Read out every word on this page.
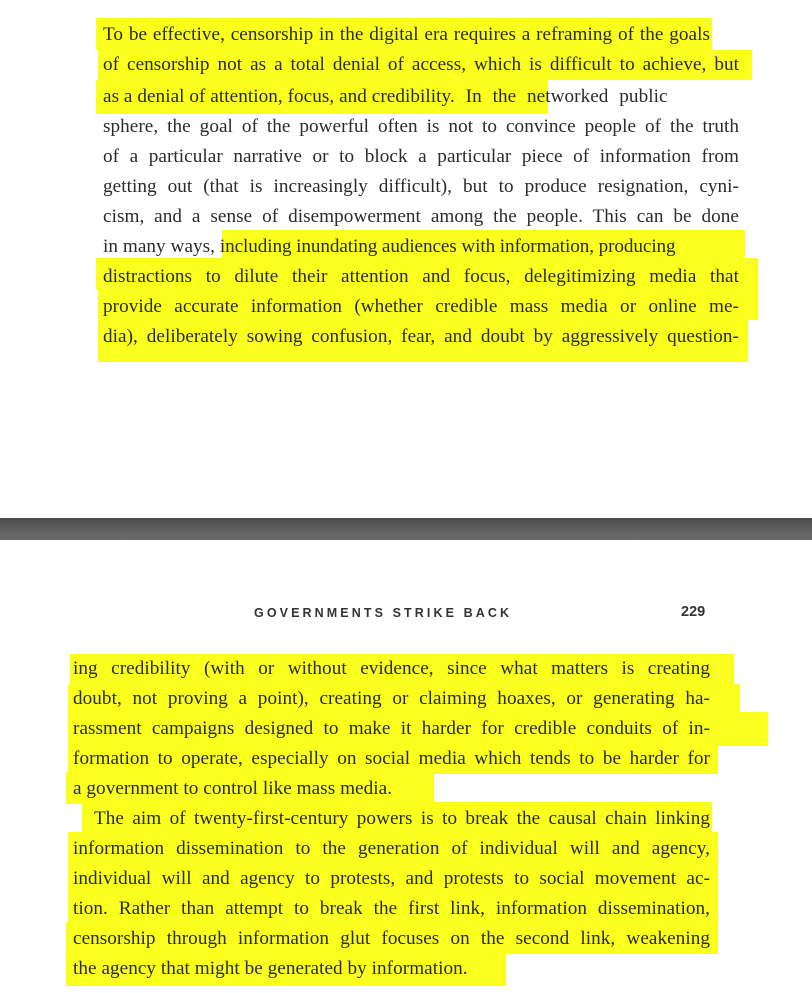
To be effective, censorship in the digital era requires a reframing of the goals
of censorship not as a total denial of access, which is difficult to achieve, but
as a denial of attention, focus, and credibility. In the networked public
sphere, the goal of the powerful often is not to convince people of the truth
of a particular narrative or to block a particular piece of information from
getting out (that is increasingly difficult), but to produce resignation, cyni-
cism, and a sense of disempowerment among the people. This can be done
in many ways, including inundating audiences with information, producing
distractions to dilute their attention and focus, delegitimizing media that
provide accurate information (whether credible mass media or online me-
dia), deliberately sowing confusion, fear, and doubt by aggressively question-
GOVERNMENTS STRIKE BACK	229
ing credibility (with or without evidence, since what matters is creating
doubt, not proving a point), creating or claiming hoaxes, or generating ha-
rassment campaigns designed to make it harder for credible conduits of in-
formation to operate, especially on social media which tends to be harder for
a government to control like mass media.
The aim of twenty-first-century powers is to break the causal chain linking
information dissemination to the generation of individual will and agency,
individual will and agency to protests, and protests to social movement ac-
tion. Rather than attempt to break the first link, information dissemination,
censorship through information glut focuses on the second link, weakening
the agency that might be generated by information.
